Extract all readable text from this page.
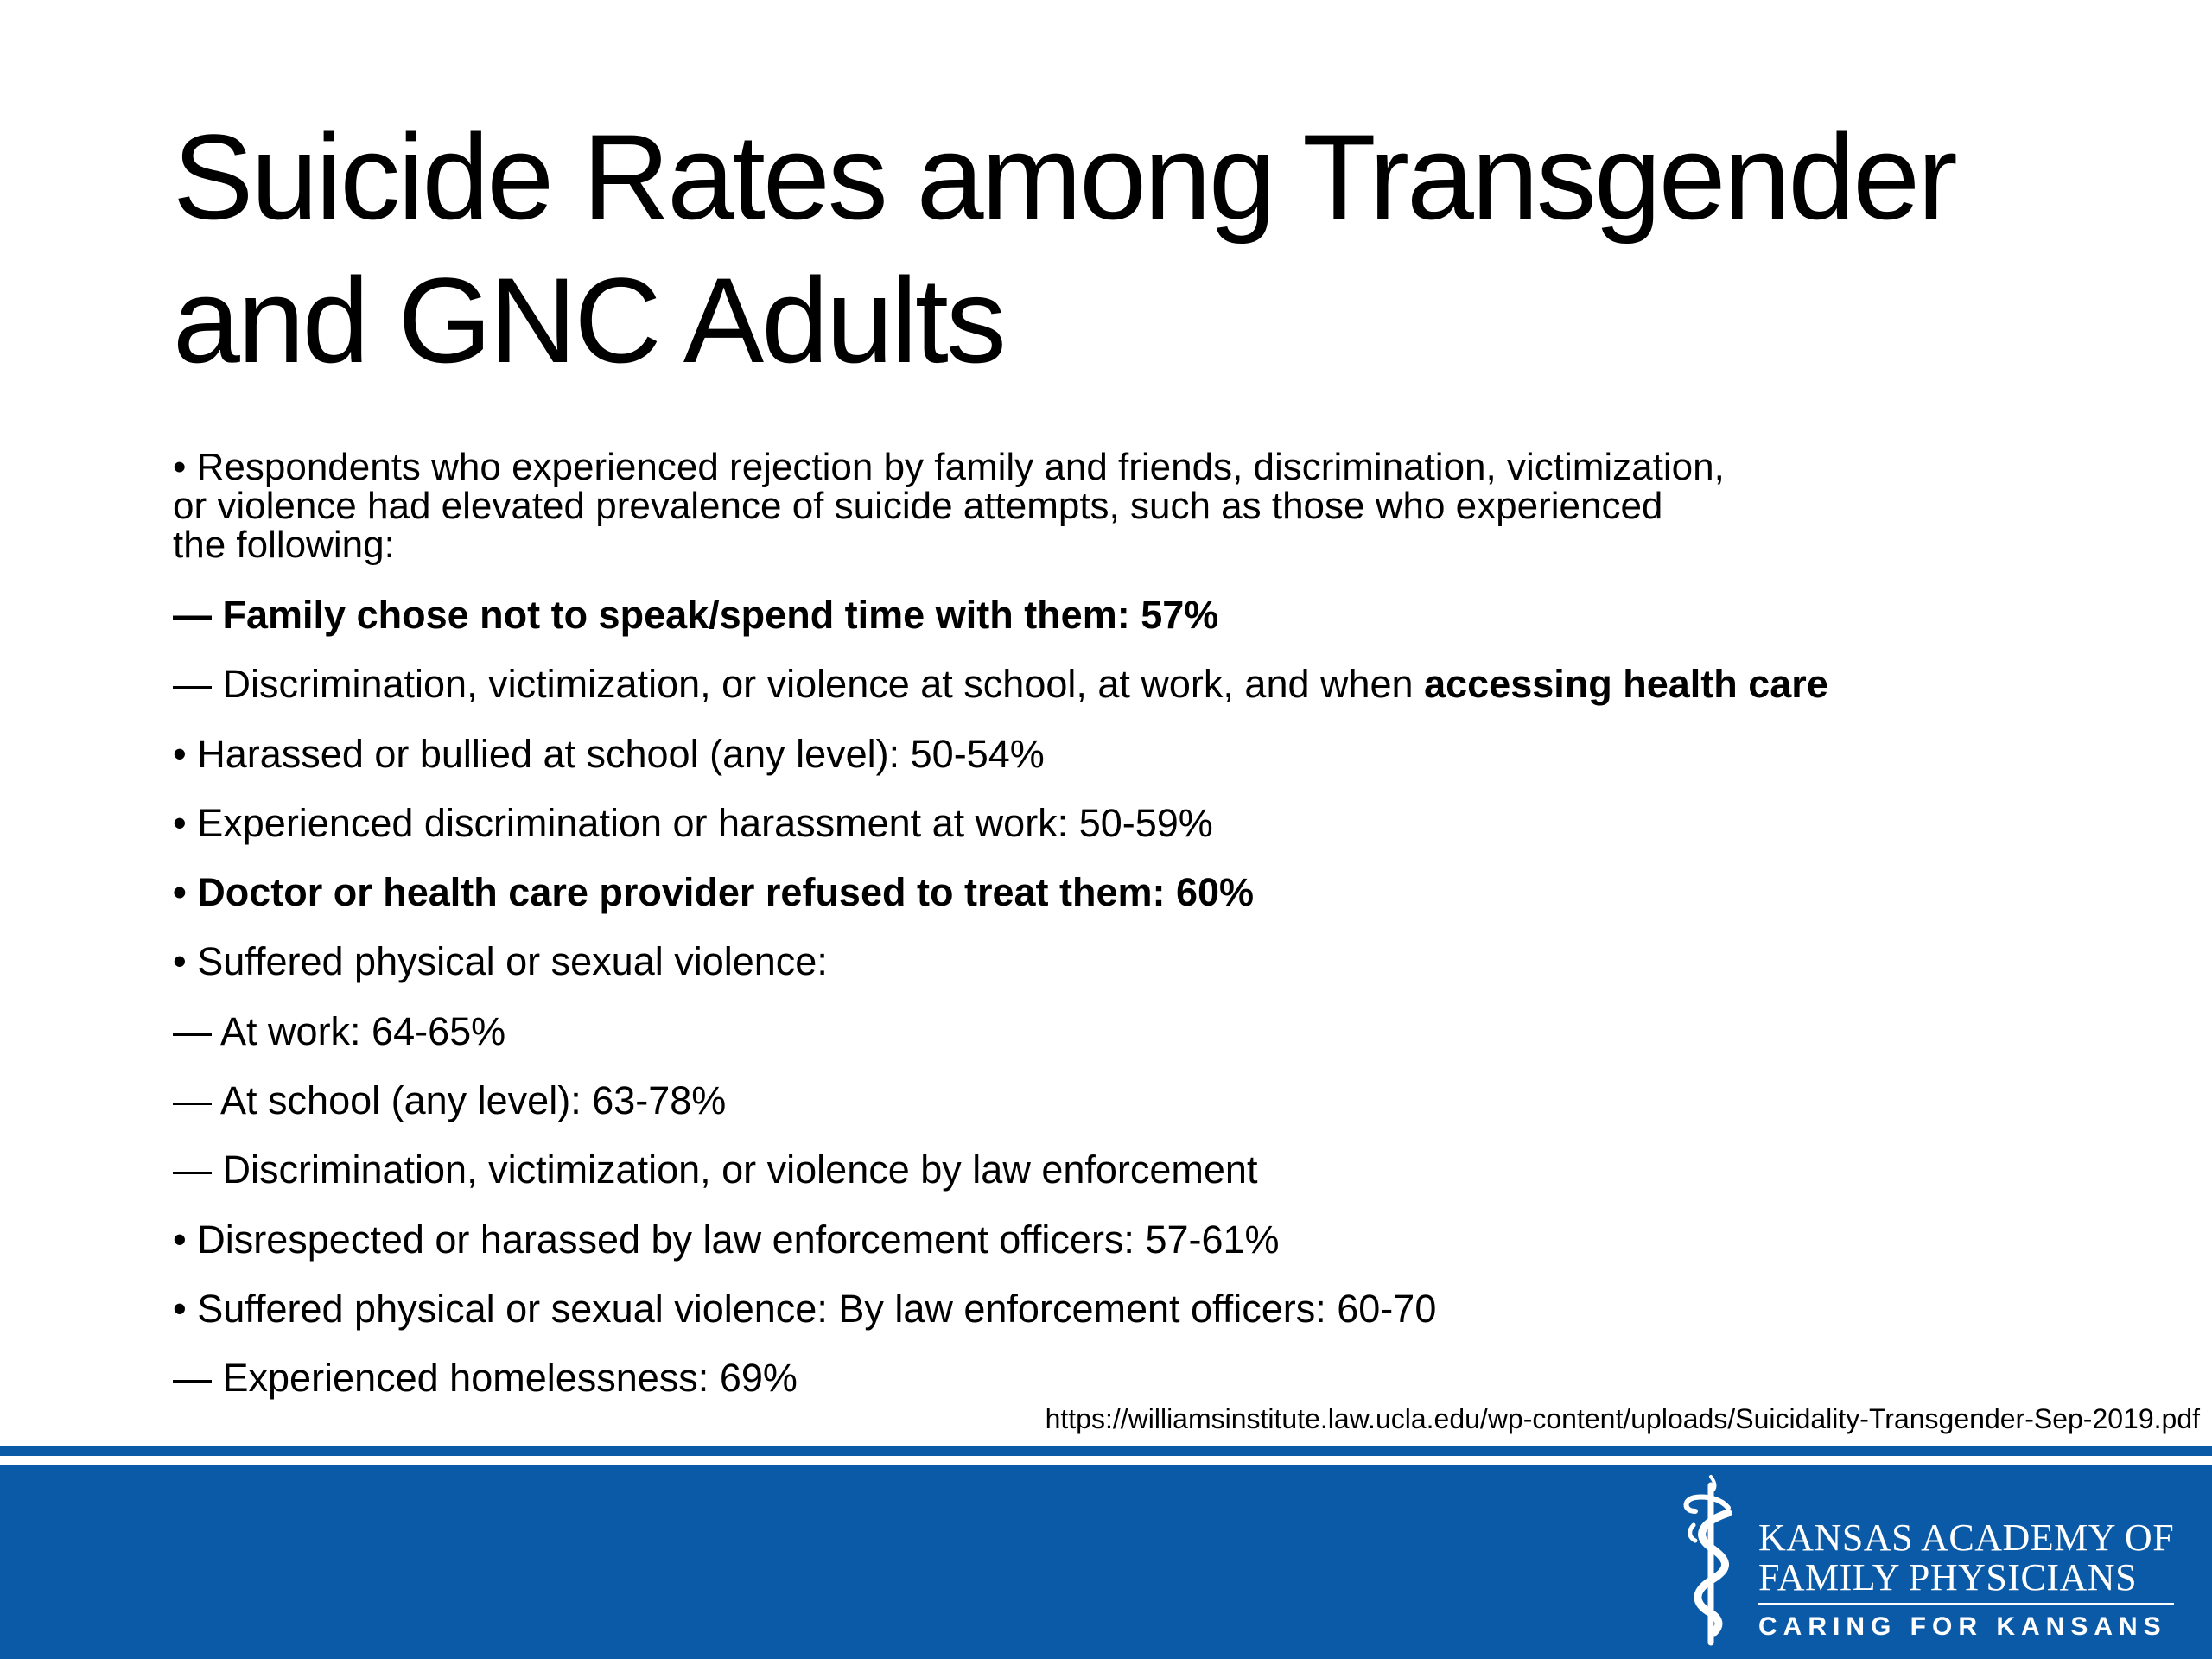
Suicide Rates among Transgender
and GNC Adults
• Respondents who experienced rejection by family and friends, discrimination, victimization,
or violence had elevated prevalence of suicide attempts, such as those who experienced
the following:
— Family chose not to speak/spend time with them: 57%
— Discrimination, victimization, or violence at school, at work, and when accessing health care
• Harassed or bullied at school (any level): 50-54%
• Experienced discrimination or harassment at work: 50-59%
• Doctor or health care provider refused to treat them: 60%
• Suffered physical or sexual violence:
— At work: 64-65%
— At school (any level): 63-78%
— Discrimination, victimization, or violence by law enforcement
• Disrespected or harassed by law enforcement officers: 57-61%
• Suffered physical or sexual violence: By law enforcement officers: 60-70
— Experienced homelessness: 69%
https://williamsinstitute.law.ucla.edu/wp-content/uploads/Suicidality-Transgender-Sep-2019.pdf
KANSAS ACADEMY OF
FAMILY PHYSICIANS
CARING FOR KANSANS
